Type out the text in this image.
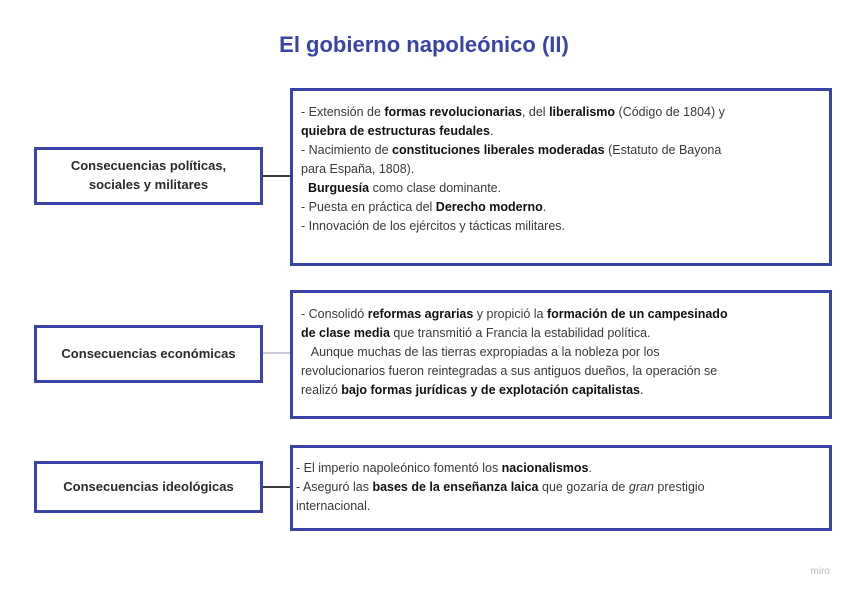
El gobierno napoleónico (II)
Consecuencias políticas, sociales y militares

- Extensión de formas revolucionarias, del liberalismo (Código de 1804) y

quiebra de estructuras feudales.

- Nacimiento de constituciones liberales moderadas (Estatuto de Bayona

para España, 1808).

Burguesía como clase dominante.

- Puesta en práctica del Derecho moderno.

- Innovación de los ejércitos y tácticas militares.

Consecuencias económicas

- Consolidó reformas agrarias y propició la formación de un campesinado

de clase media que transmitió a Francia la estabilidad política.

Aunque muchas de las tierras expropiadas a la nobleza por los

revolucionarios fueron reintegradas a sus antiguos dueños, la operación se

realizó bajo formas jurídicas y de explotación capitalistas.

Consecuencias ideológicas

- El imperio napoleónico fomentó los nacionalismos.

- Aseguró las bases de la enseñanza laica que gozaría de gran prestigio

internacional.

miro
